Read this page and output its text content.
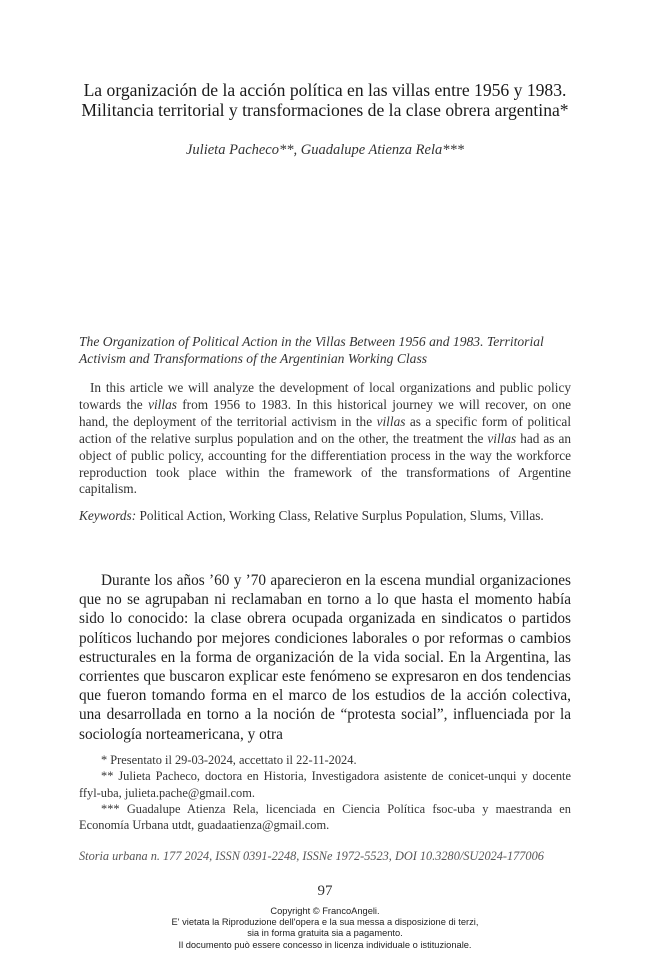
La organización de la acción política en las villas entre 1956 y 1983.
Militancia territorial y transformaciones de la clase obrera argentina*
Julieta Pacheco**, Guadalupe Atienza Rela***
The Organization of Political Action in the Villas Between 1956 and 1983. Territorial Activism and Transformations of the Argentinian Working Class
In this article we will analyze the development of local organizations and public policy towards the villas from 1956 to 1983. In this historical journey we will recover, on one hand, the deployment of the territorial activism in the villas as a specific form of political action of the relative surplus population and on the other, the treatment the villas had as an object of public policy, accounting for the differentiation process in the way the workforce reproduction took place within the framework of the transformations of Argentine capitalism.
Keywords: Political Action, Working Class, Relative Surplus Population, Slums, Villas.
Durante los años ’60 y ’70 aparecieron en la escena mundial organizaciones que no se agrupaban ni reclamaban en torno a lo que hasta el momento había sido lo conocido: la clase obrera ocupada organizada en sindicatos o partidos políticos luchando por mejores condiciones laborales o por reformas o cambios estructurales en la forma de organización de la vida social. En la Argentina, las corrientes que buscaron explicar este fenómeno se expresaron en dos tendencias que fueron tomando forma en el marco de los estudios de la acción colectiva, una desarrollada en torno a la noción de “protesta social”, influenciada por la sociología norteamericana, y otra

* Presentato il 29-03-2024, accettato il 22-11-2024.

** Julieta Pacheco, doctora en Historia, Investigadora asistente de conicet-unqui y docente ffyl-uba, julieta.pache@gmail.com.

*** Guadalupe Atienza Rela, licenciada en Ciencia Política fsoc-uba y maestranda en Economía Urbana utdt, guadaatienza@gmail.com.

Storia urbana n. 177 2024, ISSN 0391-2248, ISSNe 1972-5523, DOI 10.3280/SU2024-177006
97
Copyright © FrancoAngeli.
E' vietata la Riproduzione dell'opera e la sua messa a disposizione di terzi,
sia in forma gratuita sia a pagamento.
Il documento può essere concesso in licenza individuale o istituzionale.
